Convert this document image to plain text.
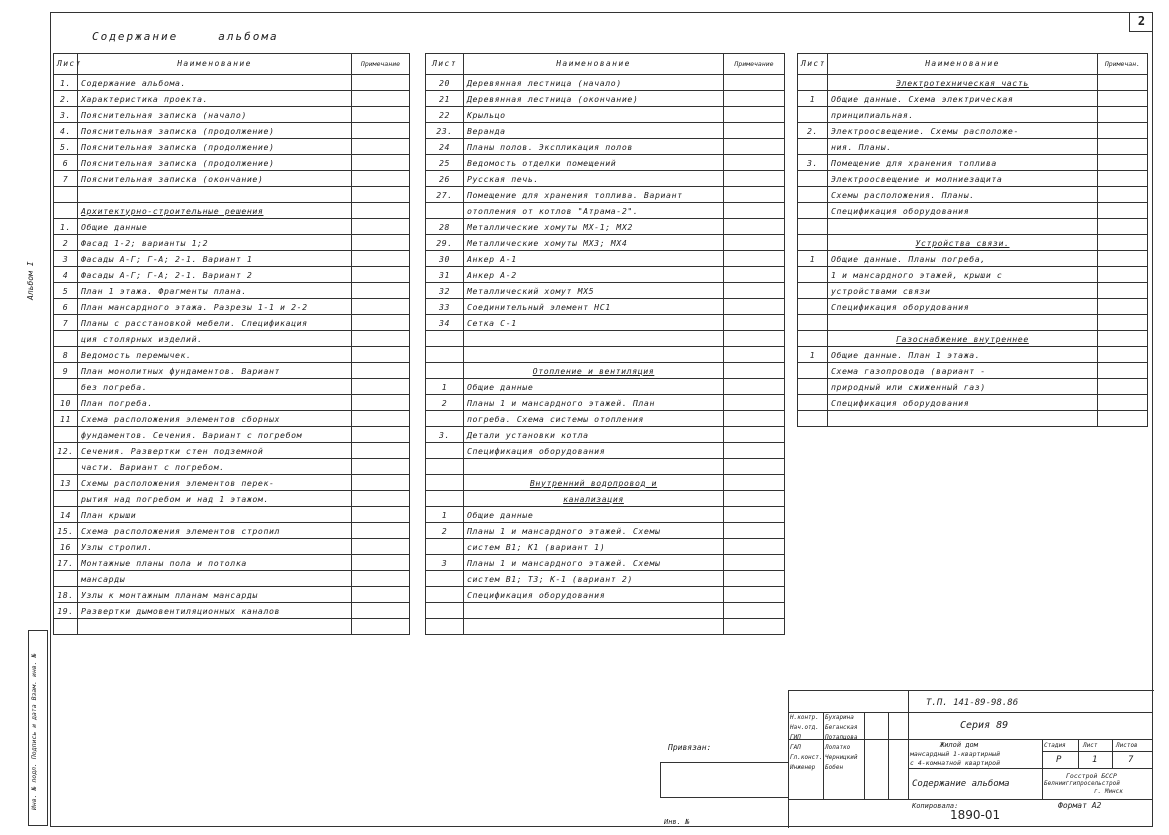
2
Альбом I
Инв. № подл. Подпись и дата Взам. инв. №
Содержание	альбома
Лист	Наименование	Примечание
1.	Содержание альбома.	
2.	Характеристика проекта.	
3.	Пояснительная записка (начало)	
4.	Пояснительная записка (продолжение)	
5.	Пояснительная записка (продолжение)	
6	Пояснительная записка (продолжение)	
7	Пояснительная записка (окончание)	

	Архитектурно-строительные решения	
1.	Общие данные	
2	Фасад 1-2; варианты 1;2	
3	Фасады А-Г; Г-А; 2-1. Вариант 1	
4	Фасады А-Г; Г-А; 2-1. Вариант 2	
5	План 1 этажа. Фрагменты плана.	
6	План мансардного этажа. Разрезы 1-1 и 2-2	
7	Планы с расстановкой мебели. Спецификация	
	ция столярных изделий.	
8	Ведомость перемычек.	
9	План монолитных фундаментов. Вариант	
	без погреба.	
10	План погреба.	
11	Схема расположения элементов сборных	
	фундаментов. Сечения. Вариант с погребом	
12.	Сечения. Развертки стен подземной	
	части. Вариант с погребом.	
13	Схемы расположения элементов перек-	
	рытия над погребом и над 1 этажом.	
14	План крыши	
15.	Схема расположения элементов стропил	
16	Узлы стропил.	
17.	Монтажные планы пола и потолка	
	мансарды	
18.	Узлы к монтажным планам мансарды	
19.	Развертки дымовентиляционных каналов	

Лист	Наименование	Примечание
20	Деревянная лестница (начало)	
21	Деревянная лестница (окончание)	
22	Крыльцо	
23.	Веранда	
24	Планы полов. Экспликация полов	
25	Ведомость отделки помещений	
26	Русская печь.	
27.	Помещение для хранения топлива. Вариант	
	отопления от котлов "Атрама-2".	
28	Металлические хомуты МХ-1; МХ2	
29.	Металлические хомуты МХ3; МХ4	
30	Анкер А-1	
31	Анкер А-2	
32	Металлический хомут МХ5	
33	Соединительный элемент НС1	
34	Сетка С-1	

	Отопление и вентиляция	
1	Общие данные	
2	Планы 1 и мансардного этажей. План	
	погреба. Схема системы отопления	
3.	Детали установки котла	
	Спецификация оборудования	

	Внутренний водопровод и	
	канализация	
1	Общие данные	
2	Планы 1 и мансардного этажей. Схемы	
	систем В1; К1 (вариант 1)	
3	Планы 1 и мансардного этажей. Схемы	
	систем В1; Т3; К-1 (вариант 2)	
	Спецификация оборудования	

Лист	Наименование	Примечан.
	Электротехническая часть	
1	Общие данные. Схема электрическая	
	принципиальная.	
2.	Электроосвещение. Схемы расположе-	
	ния. Планы.	
3.	Помещение для хранения топлива	
	Электроосвещение и молниезащита	
	Схемы расположения. Планы.	
	Спецификация оборудования	

	Устройства связи.	
1	Общие данные. Планы погреба,	
	1 и мансардного этажей, крыши с	
	устройствами связи	
	Спецификация оборудования	

	Газоснабжение внутреннее	
1	Общие данные. План 1 этажа.	
	Схема газопровода (вариант -	
	природный или сжиженный газ)	
	Спецификация оборудования	

Привязан:
Инв. №
Т.П. 141-89-98.86
Серия 89
Н.контр. Бухарина
Нач.отд. Беганская
ГИП	Потапцова
ГАП	Лопатко
Гл.конст. Черницкий
Инженер Бобен
Жилой дом
мансардный 1-квартирный
с 4-комнатной квартирой
Содержание альбома
Стадия	Лист	Листов
Р	1	7
Госстрой БССР
Белнииггипросельстрой
г. Минск
Копировала:	Формат А2
1890-01
